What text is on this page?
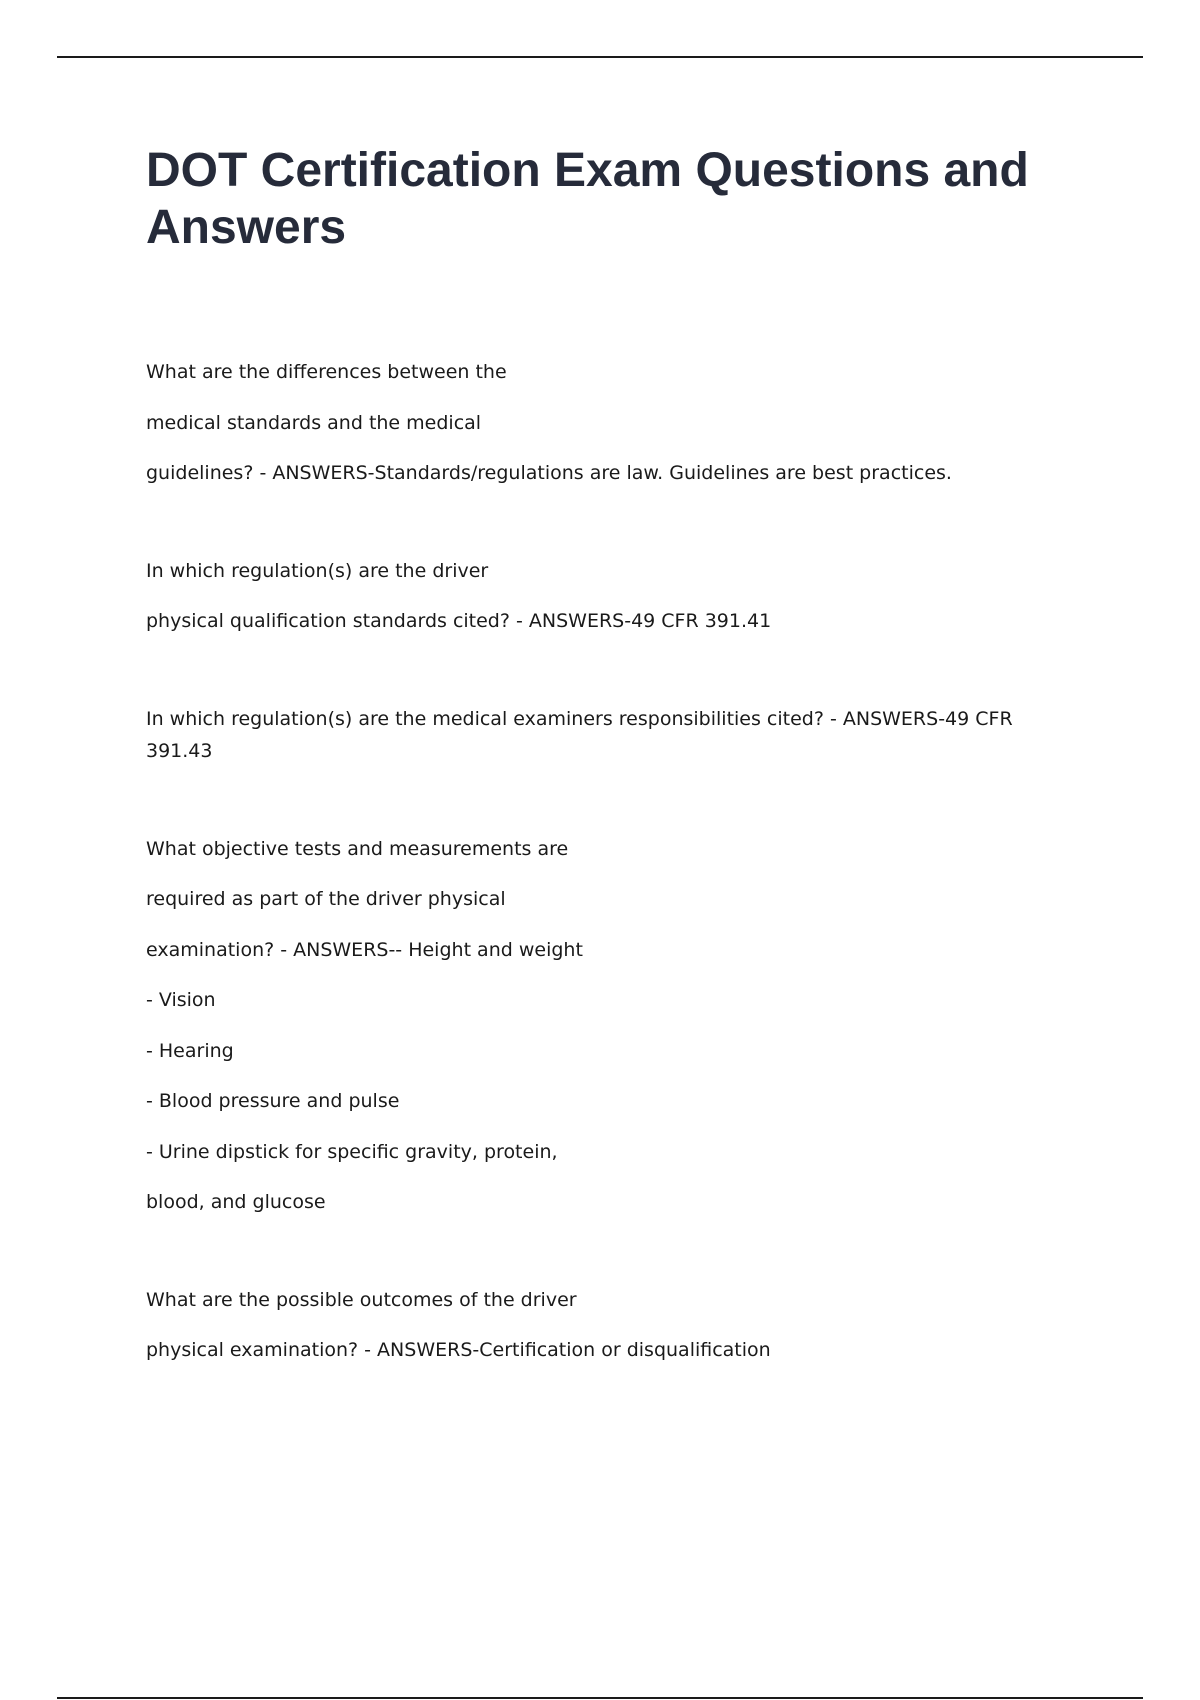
DOT Certification Exam Questions and Answers
What are the differences between the
medical standards and the medical
guidelines? - ANSWERS-Standards/regulations are law. Guidelines are best practices.
In which regulation(s) are the driver
physical qualification standards cited? - ANSWERS-49 CFR 391.41
In which regulation(s) are the medical examiners responsibilities cited? - ANSWERS-49 CFR 391.43
What objective tests and measurements are
required as part of the driver physical
examination? - ANSWERS-- Height and weight
- Vision
- Hearing
- Blood pressure and pulse
- Urine dipstick for specific gravity, protein,
blood, and glucose
What are the possible outcomes of the driver
physical examination? - ANSWERS-Certification or disqualification
